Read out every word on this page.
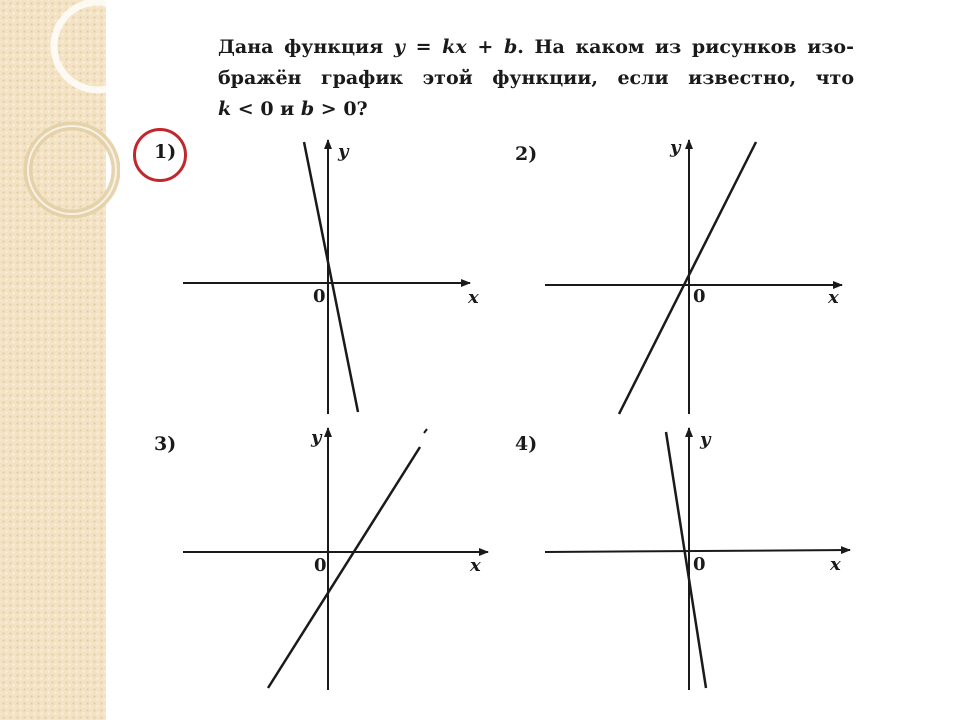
Дана функция y = kx + b. На каком из рисунков изо-
бражён график этой функции, если известно, что
k < 0 и b > 0?
1)	2)
3)	4)
y
x
0
y
x
0
y
x
0
y
x
0
